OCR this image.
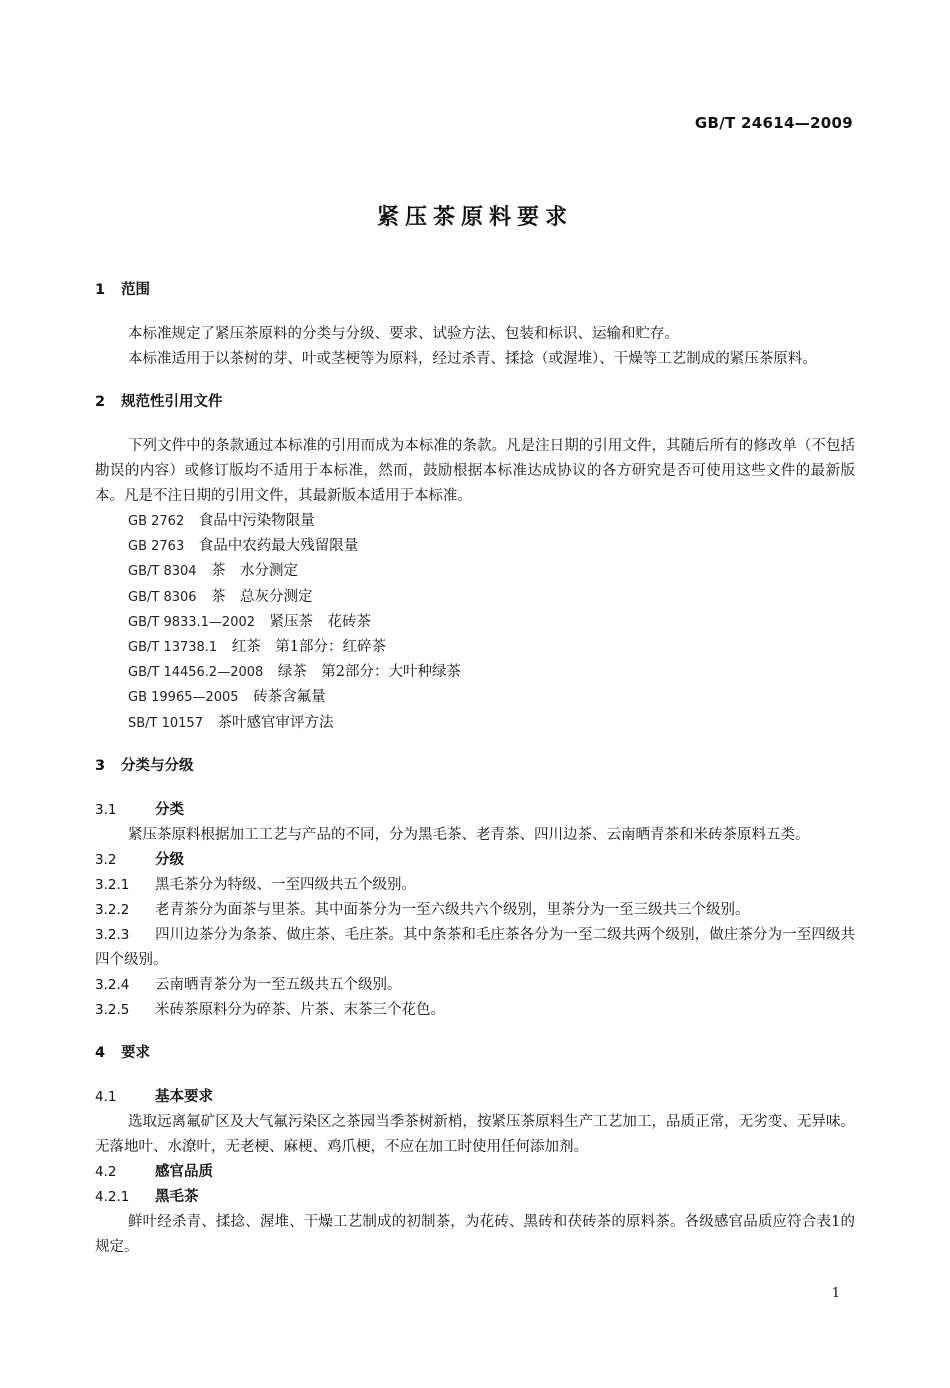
GB/T 24614—2009
紧压茶原料要求
1 范围

本标准规定了紧压茶原料的分类与分级、要求、试验方法、包装和标识、运输和贮存。

本标准适用于以茶树的芽、叶或茎梗等为原料，经过杀青、揉捻（或渥堆）、干燥等工艺制成的紧压茶原料。

2 规范性引用文件

下列文件中的条款通过本标准的引用而成为本标准的条款。凡是注日期的引用文件，其随后所有的修改单（不包括勘误的内容）或修订版均不适用于本标准，然而，鼓励根据本标准达成协议的各方研究是否可使用这些文件的最新版本。凡是不注日期的引用文件，其最新版本适用于本标准。

GB 2762　 食品中污染物限量
GB 2763　 食品中农药最大残留限量
GB/T 8304　 茶　水分测定
GB/T 8306　 茶　总灰分测定
GB/T 9833.1—2002　 紧压茶　花砖茶
GB/T 13738.1　 红茶　第1部分：红碎茶
GB/T 14456.2—2008　 绿茶　第2部分：大叶种绿茶
GB 19965—2005　 砖茶含氟量
SB/T 10157　 茶叶感官审评方法
3 分类与分级
3.1	分类

紧压茶原料根据加工工艺与产品的不同，分为黑毛茶、老青茶、四川边茶、云南晒青茶和米砖茶原料五类。

3.2	分级
3.2.1 黑毛茶分为特级、一至四级共五个级别。
3.2.2 老青茶分为面茶与里茶。其中面茶分为一至六级共六个级别，里茶分为一至三级共三个级别。
3.2.3 四川边茶分为条茶、做庄茶、毛庄茶。其中条茶和毛庄茶各分为一至二级共两个级别，做庄茶分为一至四级共四个级别。
3.2.4 云南晒青茶分为一至五级共五个级别。
3.2.5 米砖茶原料分为碎茶、片茶、末茶三个花色。
4 要求
4.1	基本要求

选取远离氟矿区及大气氟污染区之茶园当季茶树新梢，按紧压茶原料生产工艺加工，品质正常，无劣变、无异味。无落地叶、水潦叶，无老梗、麻梗、鸡爪梗，不应在加工时使用任何添加剂。

4.2	感官品质
4.2.1 黑毛茶

鲜叶经杀青、揉捻、渥堆、干燥工艺制成的初制茶，为花砖、黑砖和茯砖茶的原料茶。各级感官品质应符合表1的规定。

1
